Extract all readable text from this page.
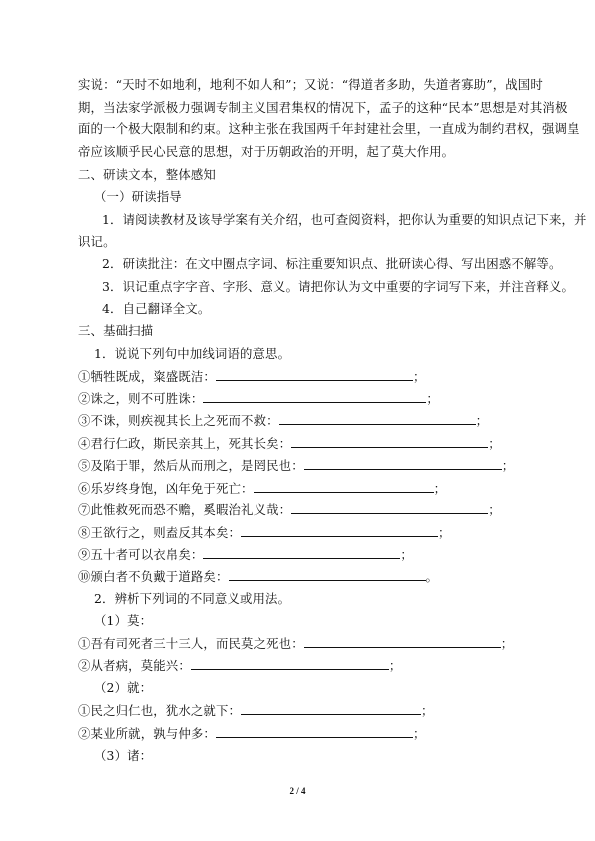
实说：“天时不如地利，地利不如人和”；又说：“得道者多助，失道者寡助”，战国时
期，当法家学派极力强调专制主义国君集权的情况下，孟子的这种“民本”思想是对其消极
面的一个极大限制和约束。这种主张在我国两千年封建社会里，一直成为制约君权，强调皇
帝应该顺乎民心民意的思想，对于历朝政治的开明，起了莫大作用。
二、研读文本，整体感知
（一）研读指导
1．请阅读教材及该导学案有关介绍，也可查阅资料，把你认为重要的知识点记下来，并
识记。
2．研读批注：在文中圈点字词、标注重要知识点、批研读心得、写出困惑不解等。
3．识记重点字字音、字形、意义。请把你认为文中重要的字词写下来，并注音释义。
4．自己翻译全文。
三、基础扫描
1．说说下列句中加线词语的意思。
①牺牲既成，粢盛既洁：	；
②诛之，则不可胜诛：	；
③不诛，则疾视其长上之死而不救：	；
④君行仁政，斯民亲其上，死其长矣：	；
⑤及陷于罪，然后从而刑之，是罔民也：	；
⑥乐岁终身饱，凶年免于死亡：	；
⑦此惟救死而恐不赡，奚暇治礼义哉：	；
⑧王欲行之，则盍反其本矣：	；
⑨五十者可以衣帛矣：	；
⑩颁白者不负戴于道路矣：	。
2．辨析下列词的不同意义或用法。
（1）莫：
①吾有司死者三十三人，而民莫之死也：	；
②从者病，莫能兴：	；
（2）就：
①民之归仁也，犹水之就下：	；
②某业所就，孰与仲多：	；
（3）诸：
2 / 4
